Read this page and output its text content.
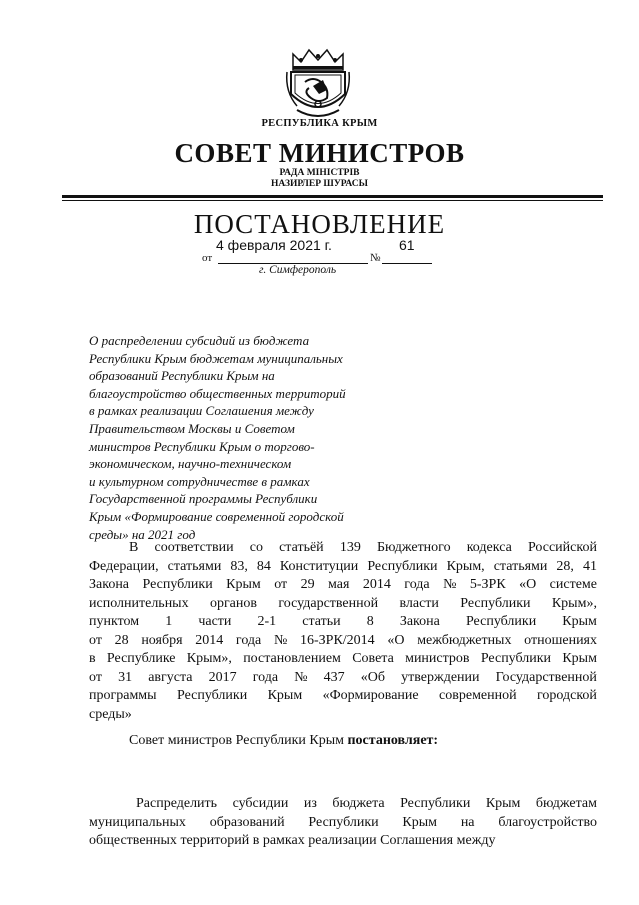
РЕСПУБЛИКА КРЫМ
СОВЕТ МИНИСТРОВ
РАДА МІНІСТРІВ
НАЗИРЛЕР ШУРАСЫ
ПОСТАНОВЛЕНИЕ
4 февраля 2021 г.	61
от	№
г. Симферополь
О распределении субсидий из бюджета
Республики Крым бюджетам муниципальных
образований Республики Крым на
благоустройство общественных территорий
в рамках реализации Соглашения между
Правительством Москвы и Советом
министров Республики Крым о торгово-
экономическом, научно-техническом
и культурном сотрудничестве в рамках
Государственной программы Республики
Крым «Формирование современной городской
среды» на 2021 год
В соответствии со статьёй 139 Бюджетного кодекса Российской
Федерации, статьями 83, 84 Конституции Республики Крым, статьями 28, 41
Закона Республики Крым от 29 мая 2014 года № 5-ЗРК «О системе
исполнительных органов государственной власти Республики Крым»,
пунктом 1 части 2-1 статьи 8 Закона Республики Крым
от 28 ноября 2014 года № 16-ЗРК/2014 «О межбюджетных отношениях
в Республике Крым», постановлением Совета министров Республики Крым
от 31 августа 2017 года № 437 «Об утверждении Государственной
программы Республики Крым «Формирование современной городской
среды»
Совет министров Республики Крым постановляет:
Распределить субсидии из бюджета Республики Крым бюджетам
муниципальных образований Республики Крым на благоустройство
общественных территорий в рамках реализации Соглашения между
